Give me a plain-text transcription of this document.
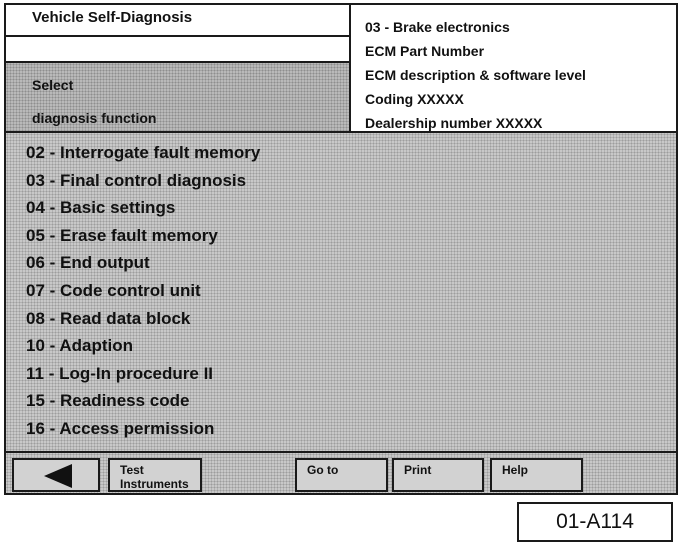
Vehicle Self-Diagnosis
Select
diagnosis function
03 - Brake electronics
ECM Part Number
ECM description & software level
Coding XXXXX
Dealership number XXXXX
02 - Interrogate fault memory
03 - Final control diagnosis
04 - Basic settings
05 - Erase fault memory
06 - End output
07 - Code control unit
08 - Read data block
10 - Adaption
11 - Log-In procedure II
15 - Readiness code
16 - Access permission
Test
Instruments
Go to	Print	Help
01-A114
